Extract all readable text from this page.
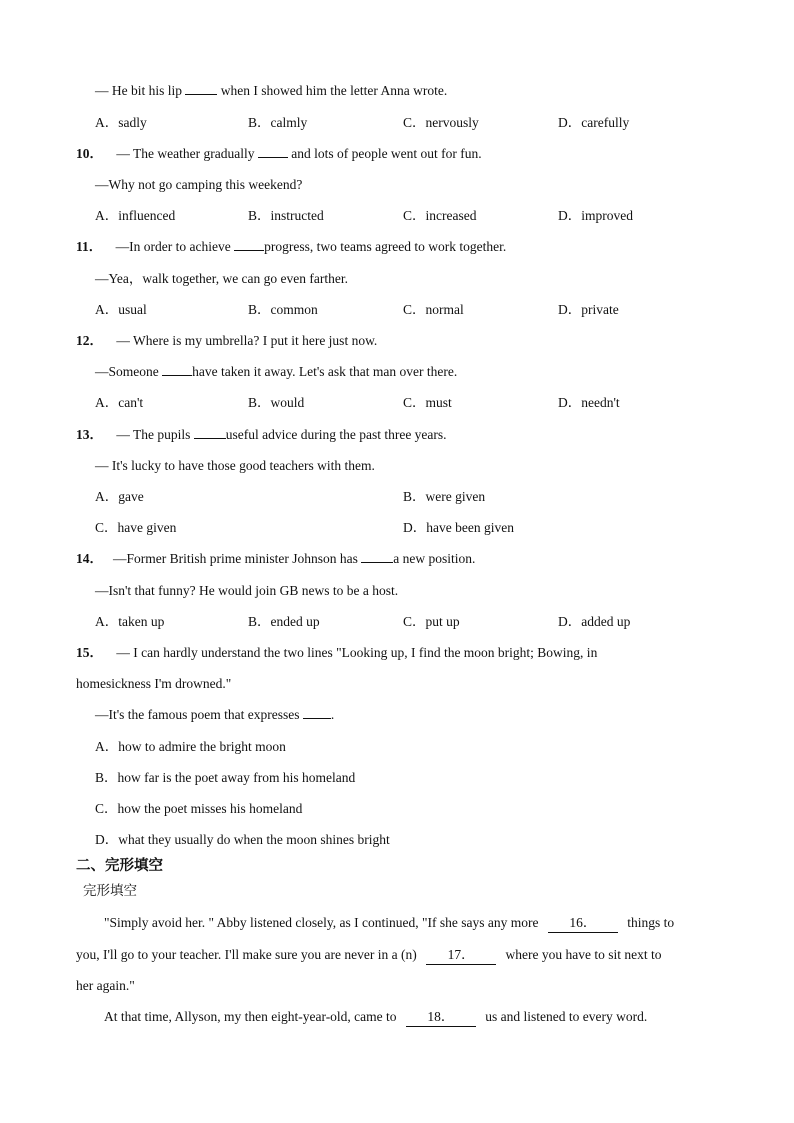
— He bit his lip	when I showed him the letter Anna wrote.
A．sadly	B．calmly	C．nervously	D．carefully
10． — The weather gradually	and lots of people went out for fun.
—Why not go camping this weekend?
A．influenced	B．instructed	C．increased	D．improved
11． —In order to achieve progress, two teams agreed to work together.
—Yea，walk together, we can go even farther.
A．usual	B．common	C．normal	D．private
12． — Where is my umbrella? I put it here just now.
—Someone have taken it away. Let's ask that man over there.
A．can't	B．would	C．must	D．needn't
13． — The pupils	useful advice during the past three years.
— It's lucky to have those good teachers with them.
A．gave	B．were given
C．have given	D．have been given
14． —Former British prime minister Johnson has	a new position.
—Isn't that funny? He would join GB news to be a host.
A．taken up	B．ended up	C．put up	D．added up
15． — I can hardly understand the two lines "Looking up, I find the moon bright; Bowing, in
homesickness I'm drowned."
—It's the famous poem that expresses .
A．how to admire the bright moon
B．how far is the poet away from his homeland
C．how the poet misses his homeland
D．what they usually do when the moon shines bright
二、完形填空
完形填空
"Simply avoid her. " Abby listened closely, as I continued, "If she says any more 16． things to
you, I'll go to your teacher. I'll make sure you are never in a (n) 17． where you have to sit next to
her again."
At that time, Allyson, my then eight-year-old, came to 18． us and listened to every word.
